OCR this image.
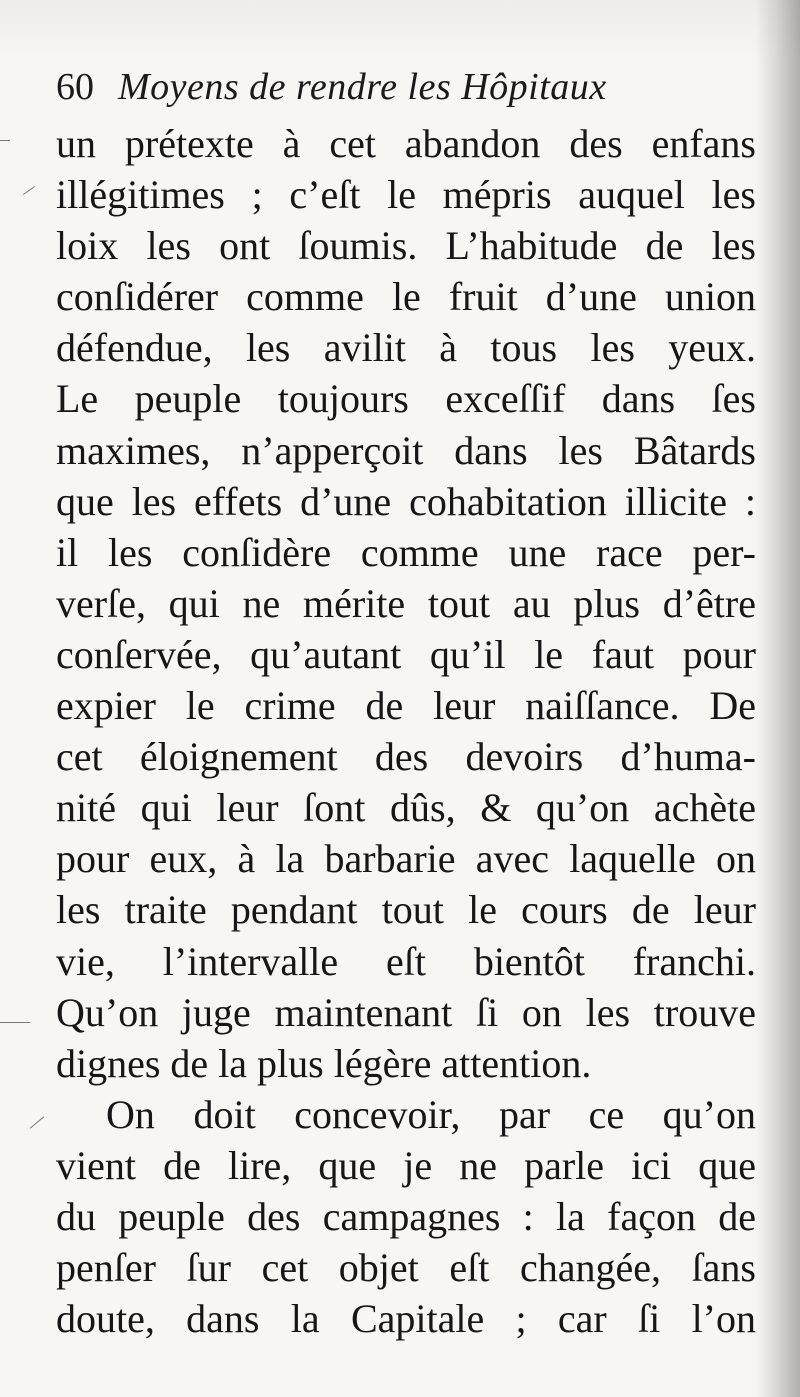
60 Moyens de rendre les Hôpitaux
un prétexte à cet abandon des enfans
illégitimes ; c’eſt le mépris auquel les
loix les ont ſoumis. L’habitude de les
conſidérer comme le fruit d’une union
défendue, les avilit à tous les yeux.
Le peuple toujours exceſſif dans ſes
maximes, n’apperçoit dans les Bâtards
que les effets d’une cohabitation illicite :
il les conſidère comme une race per-
verſe, qui ne mérite tout au plus d’être
conſervée, qu’autant qu’il le faut pour
expier le crime de leur naiſſance. De
cet éloignement des devoirs d’huma-
nité qui leur ſont dûs, & qu’on achète
pour eux, à la barbarie avec laquelle on
les traite pendant tout le cours de leur
vie, l’intervalle eſt bientôt franchi.
Qu’on juge maintenant ſi on les trouve
dignes de la plus légère attention.
On doit concevoir, par ce qu’on
vient de lire, que je ne parle ici que
du peuple des campagnes : la façon de
penſer ſur cet objet eſt changée, ſans
doute, dans la Capitale ; car ſi l’on
